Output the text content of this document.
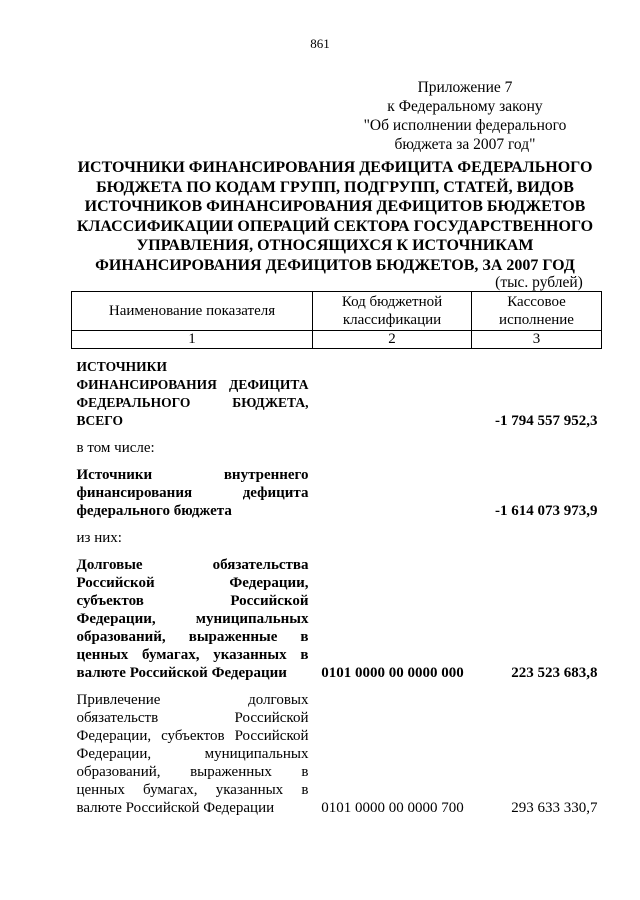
861
Приложение 7
к Федеральному закону
"Об исполнении федерального
бюджета за 2007 год"
ИСТОЧНИКИ ФИНАНСИРОВАНИЯ ДЕФИЦИТА ФЕДЕРАЛЬНОГО БЮДЖЕТА ПО КОДАМ ГРУПП, ПОДГРУПП, СТАТЕЙ, ВИДОВ ИСТОЧНИКОВ ФИНАНСИРОВАНИЯ ДЕФИЦИТОВ БЮДЖЕТОВ КЛАССИФИКАЦИИ ОПЕРАЦИЙ СЕКТОРА ГОСУДАРСТВЕННОГО УПРАВЛЕНИЯ, ОТНОСЯЩИХСЯ К ИСТОЧНИКАМ ФИНАНСИРОВАНИЯ ДЕФИЦИТОВ БЮДЖЕТОВ, ЗА 2007 ГОД
(тыс. рублей)
Наименование показателя	Код бюджетной классификации	Кассовое исполнение
1	2	3
ИСТОЧНИКИ ФИНАНСИРОВАНИЯ ДЕФИЦИТА ФЕДЕРАЛЬНОГО БЮДЖЕТА, ВСЕГО		-1 794 557 952,3
в том числе:		
Источники внутреннего финансирования дефицита федерального бюджета		-1 614 073 973,9
из них:		
Долговые обязательства Российской Федерации, субъектов Российской Федерации, муниципальных образований, выраженные в ценных бумагах, указанных в валюте Российской Федерации	0101 0000 00 0000 000	223 523 683,8
Привлечение долговых обязательств Российской Федерации, субъектов Российской Федерации, муниципальных образований, выраженных в ценных бумагах, указанных в валюте Российской Федерации	0101 0000 00 0000 700	293 633 330,7
